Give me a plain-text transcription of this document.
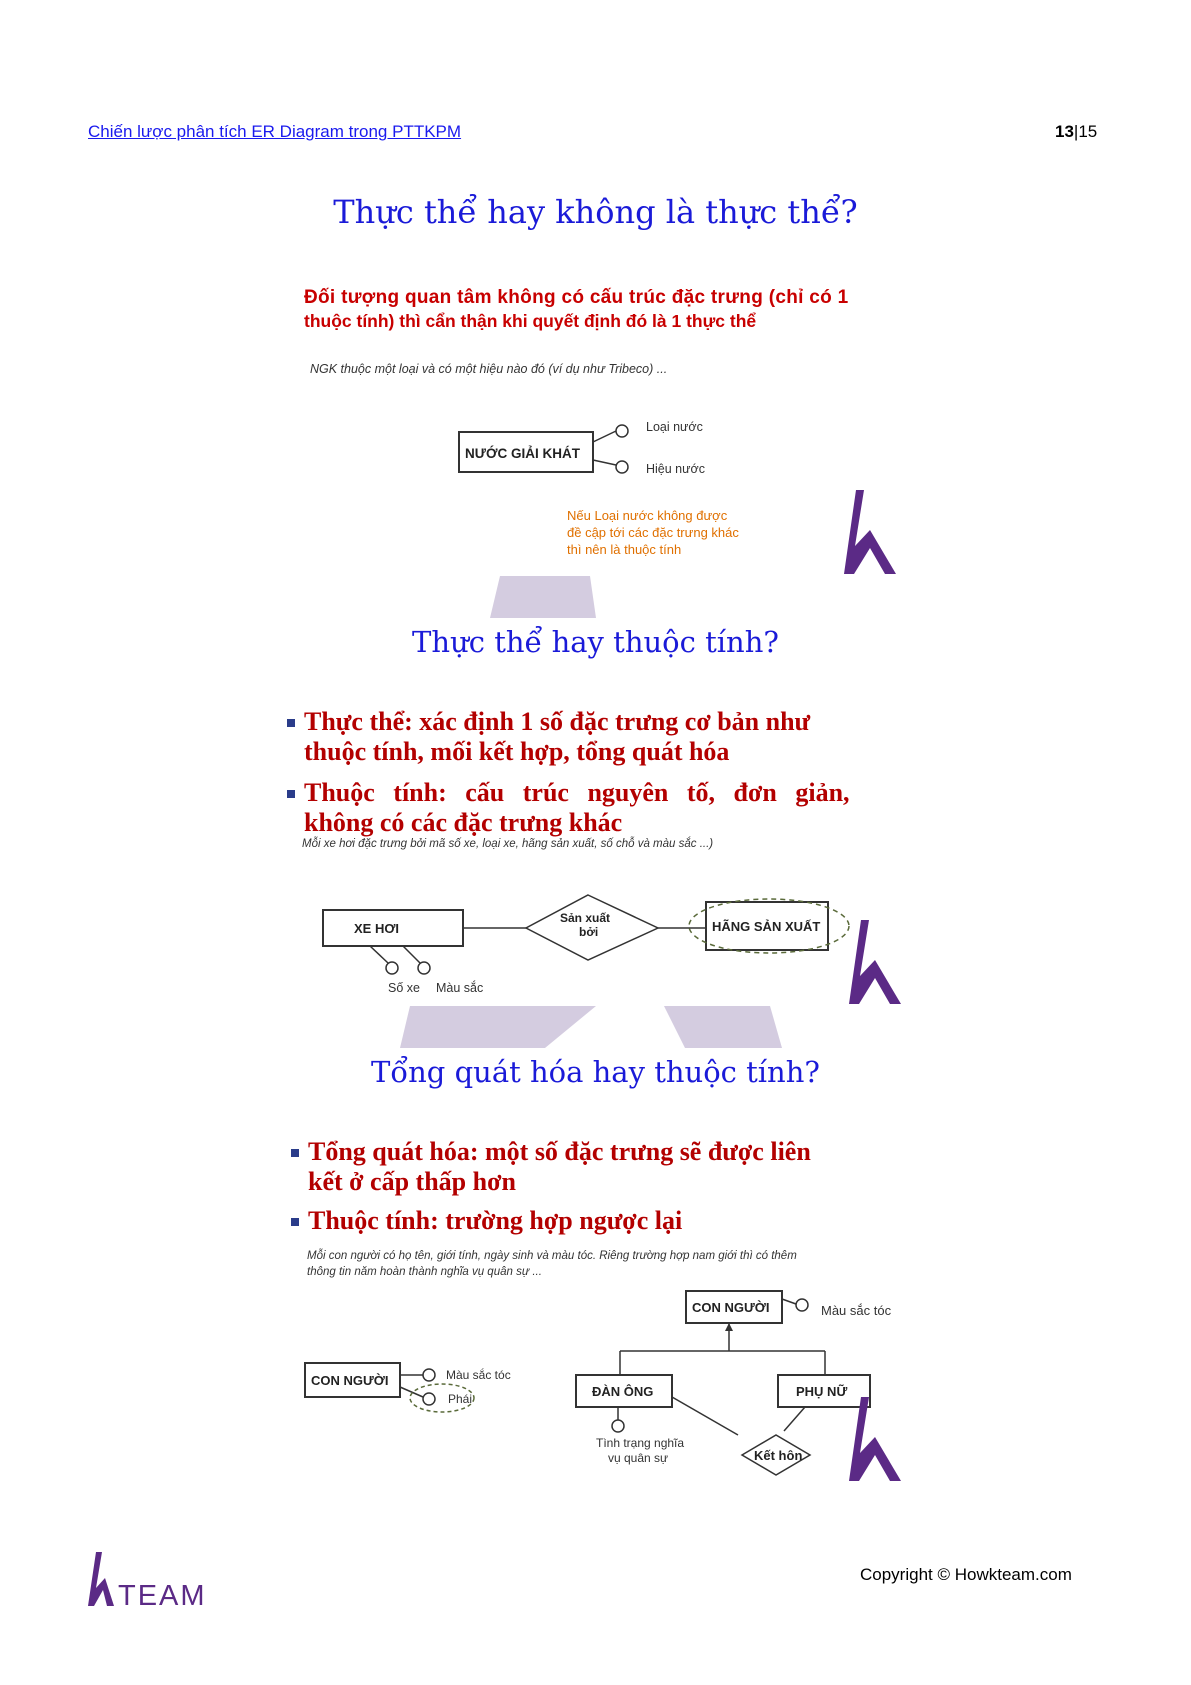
Chiến lược phân tích ER Diagram trong PTTKPM	13|15
Thực thể hay không là thực thể?
Đối tượng quan tâm không có cấu trúc đặc trưng (chỉ có 1
thuộc tính) thì cẩn thận khi quyết định đó là 1 thực thể
NGK thuộc một loại và có một hiệu nào đó (ví dụ như Tribeco) ...
NƯỚC GIẢI KHÁT
Loại nước
Hiệu nước
Nếu Loại nước không được
đề cập tới các đặc trưng khác
thì nên là thuộc tính
Thực thể hay thuộc tính?
Thực thể: xác định 1 số đặc trưng cơ bản như
thuộc tính, mối kết hợp, tổng quát hóa
Thuộc tính: cấu trúc nguyên tố, đơn giản,
không có các đặc trưng khác
Mỗi xe hơi đặc trưng bởi mã số xe, loại xe, hãng sản xuất, số chỗ và màu sắc ...)
XE HƠI
Sản xuất
bởi	HÃNG SẢN XUẤT
Số xe Màu sắc
Tổng quát hóa hay thuộc tính?
Tổng quát hóa: một số đặc trưng sẽ được liên
kết ở cấp thấp hơn
Thuộc tính: trường hợp ngược lại
Mỗi con người có họ tên, giới tính, ngày sinh và màu tóc. Riêng trường hợp nam giới thì có thêm
thông tin năm hoàn thành nghĩa vụ quân sự ...
CON NGƯỜI	Màu sắc tóc
Phái
CON NGƯỜI	Màu sắc tóc
ĐÀN ÔNG	PHỤ NỮ
Tình trạng nghĩa
vụ quân sự	Kết hôn
TEAM
Copyright © Howkteam.com
